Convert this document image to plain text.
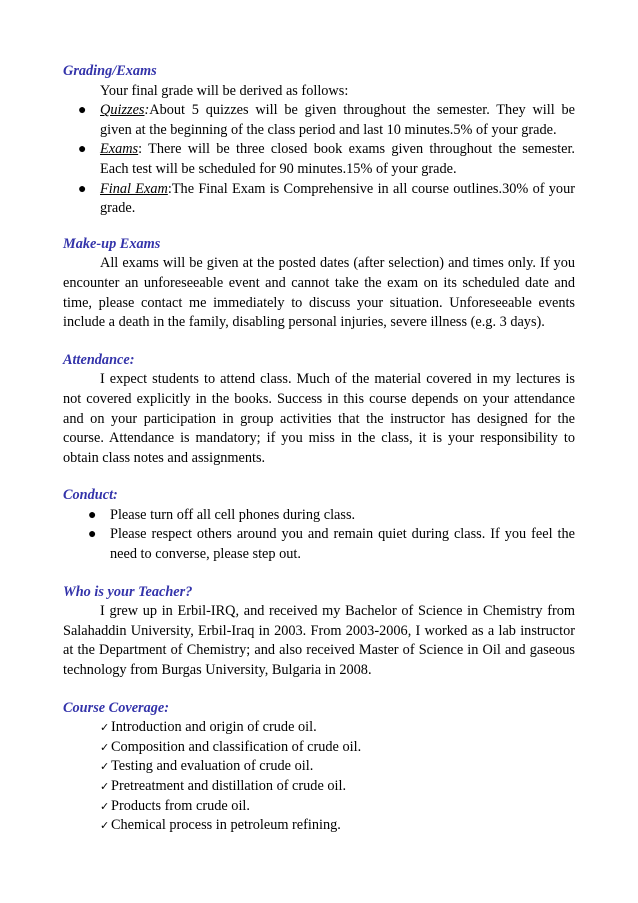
Grading/Exams

Your final grade will be derived as follows:

● Quizzes:About 5 quizzes will be given throughout the semester. They will be given at the beginning of the class period and last 10 minutes.5% of your grade.
● Exams: There will be three closed book exams given throughout the semester. Each test will be scheduled for 90 minutes.15% of your grade.
● Final Exam:The Final Exam is Comprehensive in all course outlines.30% of your grade.

Make-up Exams

All exams will be given at the posted dates (after selection) and times only. If you encounter an unforeseeable event and cannot take the exam on its scheduled date and time, please contact me immediately to discuss your situation. Unforeseeable events include a death in the family, disabling personal injuries, severe illness (e.g. 3 days).

Attendance:

I expect students to attend class. Much of the material covered in my lectures is not covered explicitly in the books. Success in this course depends on your attendance and on your participation in group activities that the instructor has designed for the course. Attendance is mandatory; if you miss in the class, it is your responsibility to obtain class notes and assignments.

Conduct:

● Please turn off all cell phones during class.
● Please respect others around you and remain quiet during class. If you feel the need to converse, please step out.

Who is your Teacher?

I grew up in Erbil-IRQ, and received my Bachelor of Science in Chemistry from Salahaddin University, Erbil-Iraq in 2003. From 2003-2006, I worked as a lab instructor at the Department of Chemistry; and also received Master of Science in Oil and gaseous technology from Burgas University, Bulgaria in 2008.

Course Coverage:

✓ Introduction and origin of crude oil.
✓ Composition and classification of crude oil.
✓ Testing and evaluation of crude oil.
✓ Pretreatment and distillation of crude oil.
✓ Products from crude oil.
✓ Chemical process in petroleum refining.
